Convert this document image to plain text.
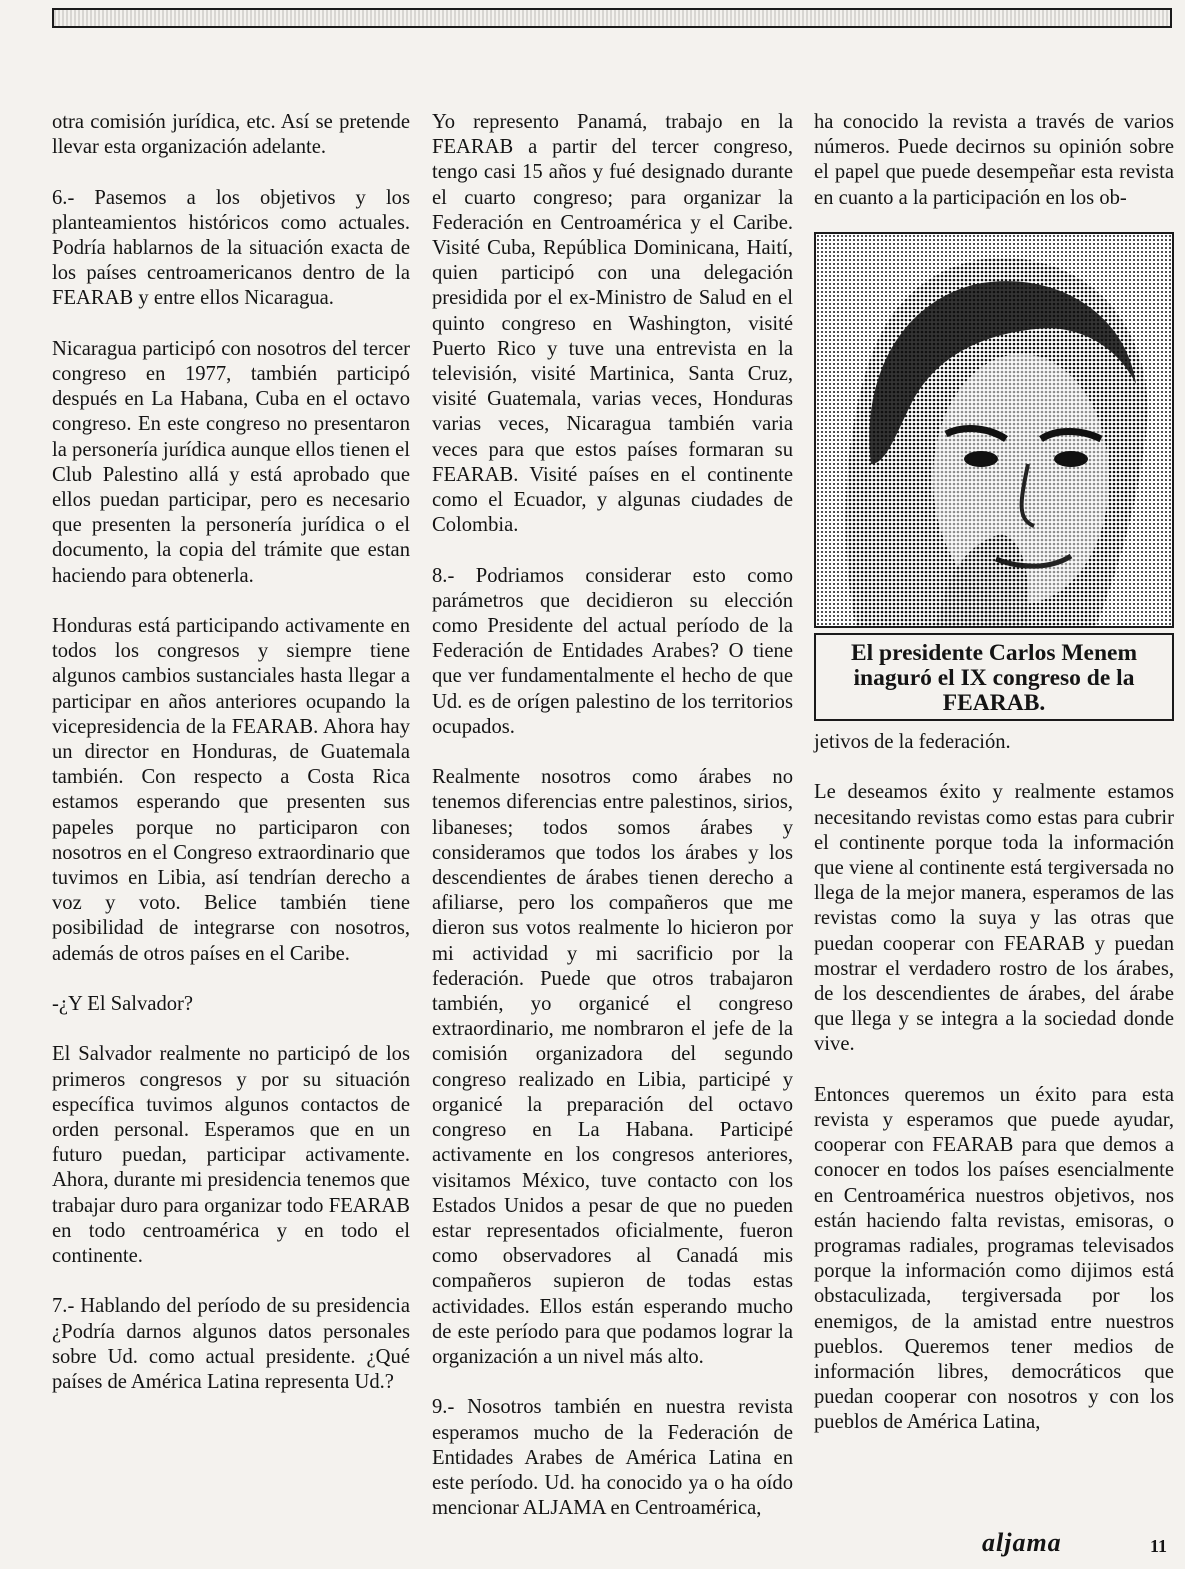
otra comisión jurídica, etc. Así se pretende llevar esta organización adelante.

6.- Pasemos a los objetivos y los planteamientos históricos como actuales. Podría hablarnos de la situación exacta de los países centroamericanos dentro de la FEARAB y entre ellos Nicaragua.

Nicaragua participó con nosotros del tercer congreso en 1977, también participó después en La Habana, Cuba en el octavo congreso. En este congreso no presentaron la personería jurídica aunque ellos tienen el Club Palestino allá y está aprobado que ellos puedan participar, pero es necesario que presenten la personería jurídica o el documento, la copia del trámite que estan haciendo para obtenerla.

Honduras está participando activamente en todos los congresos y siempre tiene algunos cambios sustanciales hasta llegar a participar en años anteriores ocupando la vicepresidencia de la FEARAB. Ahora hay un director en Honduras, de Guatemala también. Con respecto a Costa Rica estamos esperando que presenten sus papeles porque no participaron con nosotros en el Congreso extraordinario que tuvimos en Libia, así tendrían derecho a voz y voto. Belice también tiene posibilidad de integrarse con nosotros, además de otros países en el Caribe.

-¿Y El Salvador?

El Salvador realmente no participó de los primeros congresos y por su situación específica tuvimos algunos contactos de orden personal. Esperamos que en un futuro puedan, participar activamente. Ahora, durante mi presidencia tenemos que trabajar duro para organizar todo FEARAB en todo centroamérica y en todo el continente.

7.- Hablando del período de su presidencia ¿Podría darnos algunos datos personales sobre Ud. como actual presidente. ¿Qué países de América Latina representa Ud.?

Yo represento Panamá, trabajo en la FEARAB a partir del tercer congreso, tengo casi 15 años y fué designado durante el cuarto congreso; para organizar la Federación en Centroamérica y el Caribe. Visité Cuba, República Dominicana, Haití, quien participó con una delegación presidida por el ex-Ministro de Salud en el quinto congreso en Washington, visité Puerto Rico y tuve una entrevista en la televisión, visité Martinica, Santa Cruz, visité Guatemala, varias veces, Honduras varias veces, Nicaragua también varia veces para que estos países formaran su FEARAB. Visité países en el continente como el Ecuador, y algunas ciudades de Colombia.

8.- Podriamos considerar esto como parámetros que decidieron su elección como Presidente del actual período de la Federación de Entidades Arabes? O tiene que ver fundamentalmente el hecho de que Ud. es de orígen palestino de los territorios ocupados.

Realmente nosotros como árabes no tenemos diferencias entre palestinos, sirios, libaneses; todos somos árabes y consideramos que todos los árabes y los descendientes de árabes tienen derecho a afiliarse, pero los compañeros que me dieron sus votos realmente lo hicieron por mi actividad y mi sacrificio por la federación. Puede que otros trabajaron también, yo organicé el congreso extraordinario, me nombraron el jefe de la comisión organizadora del segundo congreso realizado en Libia, participé y organicé la preparación del octavo congreso en La Habana. Participé activamente en los congresos anteriores, visitamos México, tuve contacto con los Estados Unidos a pesar de que no pueden estar representados oficialmente, fueron como observadores al Canadá mis compañeros supieron de todas estas actividades. Ellos están esperando mucho de este período para que podamos lograr la organización a un nivel más alto.

9.- Nosotros también en nuestra revista esperamos mucho de la Federación de Entidades Arabes de América Latina en este período. Ud. ha conocido ya o ha oído mencionar ALJAMA en Centroamérica,

ha conocido la revista a través de varios números. Puede decirnos su opinión sobre el papel que puede desempeñar esta revista en cuanto a la participación en los ob-

El presidente Carlos Menem inaguró el IX congreso de la FEARAB.

jetivos de la federación.

Le deseamos éxito y realmente estamos necesitando revistas como estas para cubrir el continente porque toda la información que viene al continente está tergiversada no llega de la mejor manera, esperamos de las revistas como la suya y las otras que puedan cooperar con FEARAB y puedan mostrar el verdadero rostro de los árabes, de los descendientes de árabes, del árabe que llega y se integra a la sociedad donde vive.

Entonces queremos un éxito para esta revista y esperamos que puede ayudar, cooperar con FEARAB para que demos a conocer en todos los países esencialmente en Centroamérica nuestros objetivos, nos están haciendo falta revistas, emisoras, o programas radiales, programas televisados porque la información como dijimos está obstaculizada, tergiversada por los enemigos, de la amistad entre nuestros pueblos. Queremos tener medios de información libres, democráticos que puedan cooperar con nosotros y con los pueblos de América Latina,

aljama	11
